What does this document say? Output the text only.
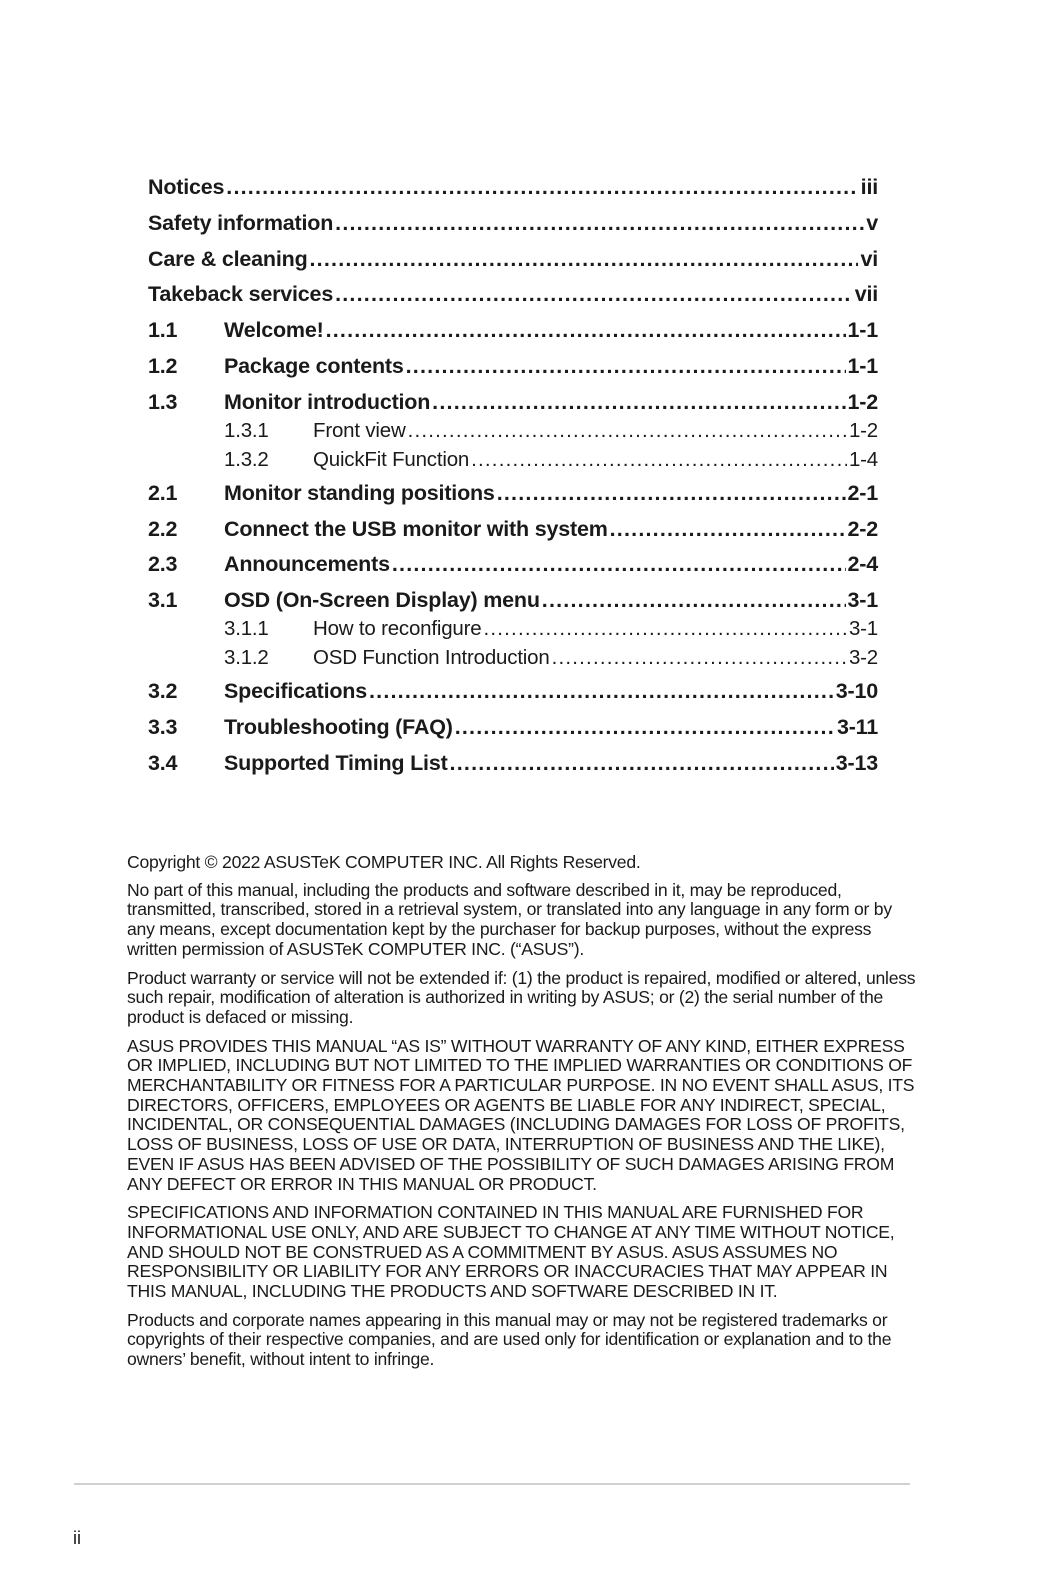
Notices .....	iii
Safety information .....	v
Care & cleaning .....	vi
Takeback services .....	vii
1.1	Welcome! .....	1-1
1.2	Package contents .....	1-1
1.3	Monitor introduction .....	1-2
1.3.1	Front view .....	1-2
1.3.2	QuickFit Function .....	1-4
2.1	Monitor standing positions .....	2-1
2.2	Connect the USB monitor with system .....	2-2
2.3	Announcements .....	2-4
3.1	OSD (On-Screen Display) menu .....	3-1
3.1.1	How to reconfigure .....	3-1
3.1.2	OSD Function Introduction .....	3-2
3.2	Specifications .....	3-10
3.3	Troubleshooting (FAQ) .....	3-11
3.4	Supported Timing List .....	3-13

Copyright © 2022 ASUSTeK COMPUTER INC. All Rights Reserved.

No part of this manual, including the products and software described in it, may be reproduced, transmitted, transcribed, stored in a retrieval system, or translated into any language in any form or by any means, except documentation kept by the purchaser for backup purposes, without the express written permission of ASUSTeK COMPUTER INC. (“ASUS”).

Product warranty or service will not be extended if: (1) the product is repaired, modified or altered, unless such repair, modification of alteration is authorized in writing by ASUS; or (2) the serial number of the product is defaced or missing.

ASUS PROVIDES THIS MANUAL “AS IS” WITHOUT WARRANTY OF ANY KIND, EITHER EXPRESS OR IMPLIED, INCLUDING BUT NOT LIMITED TO THE IMPLIED WARRANTIES OR CONDITIONS OF MERCHANTABILITY OR FITNESS FOR A PARTICULAR PURPOSE. IN NO EVENT SHALL ASUS, ITS DIRECTORS, OFFICERS, EMPLOYEES OR AGENTS BE LIABLE FOR ANY INDIRECT, SPECIAL, INCIDENTAL, OR CONSEQUENTIAL DAMAGES (INCLUDING DAMAGES FOR LOSS OF PROFITS, LOSS OF BUSINESS, LOSS OF USE OR DATA, INTERRUPTION OF BUSINESS AND THE LIKE), EVEN IF ASUS HAS BEEN ADVISED OF THE POSSIBILITY OF SUCH DAMAGES ARISING FROM ANY DEFECT OR ERROR IN THIS MANUAL OR PRODUCT.

SPECIFICATIONS AND INFORMATION CONTAINED IN THIS MANUAL ARE FURNISHED FOR INFORMATIONAL USE ONLY, AND ARE SUBJECT TO CHANGE AT ANY TIME WITHOUT NOTICE, AND SHOULD NOT BE CONSTRUED AS A COMMITMENT BY ASUS. ASUS ASSUMES NO RESPONSIBILITY OR LIABILITY FOR ANY ERRORS OR INACCURACIES THAT MAY APPEAR IN THIS MANUAL, INCLUDING THE PRODUCTS AND SOFTWARE DESCRIBED IN IT.

Products and corporate names appearing in this manual may or may not be registered trademarks or copyrights of their respective companies, and are used only for identification or explanation and to the owners’ benefit, without intent to infringe.

ii
